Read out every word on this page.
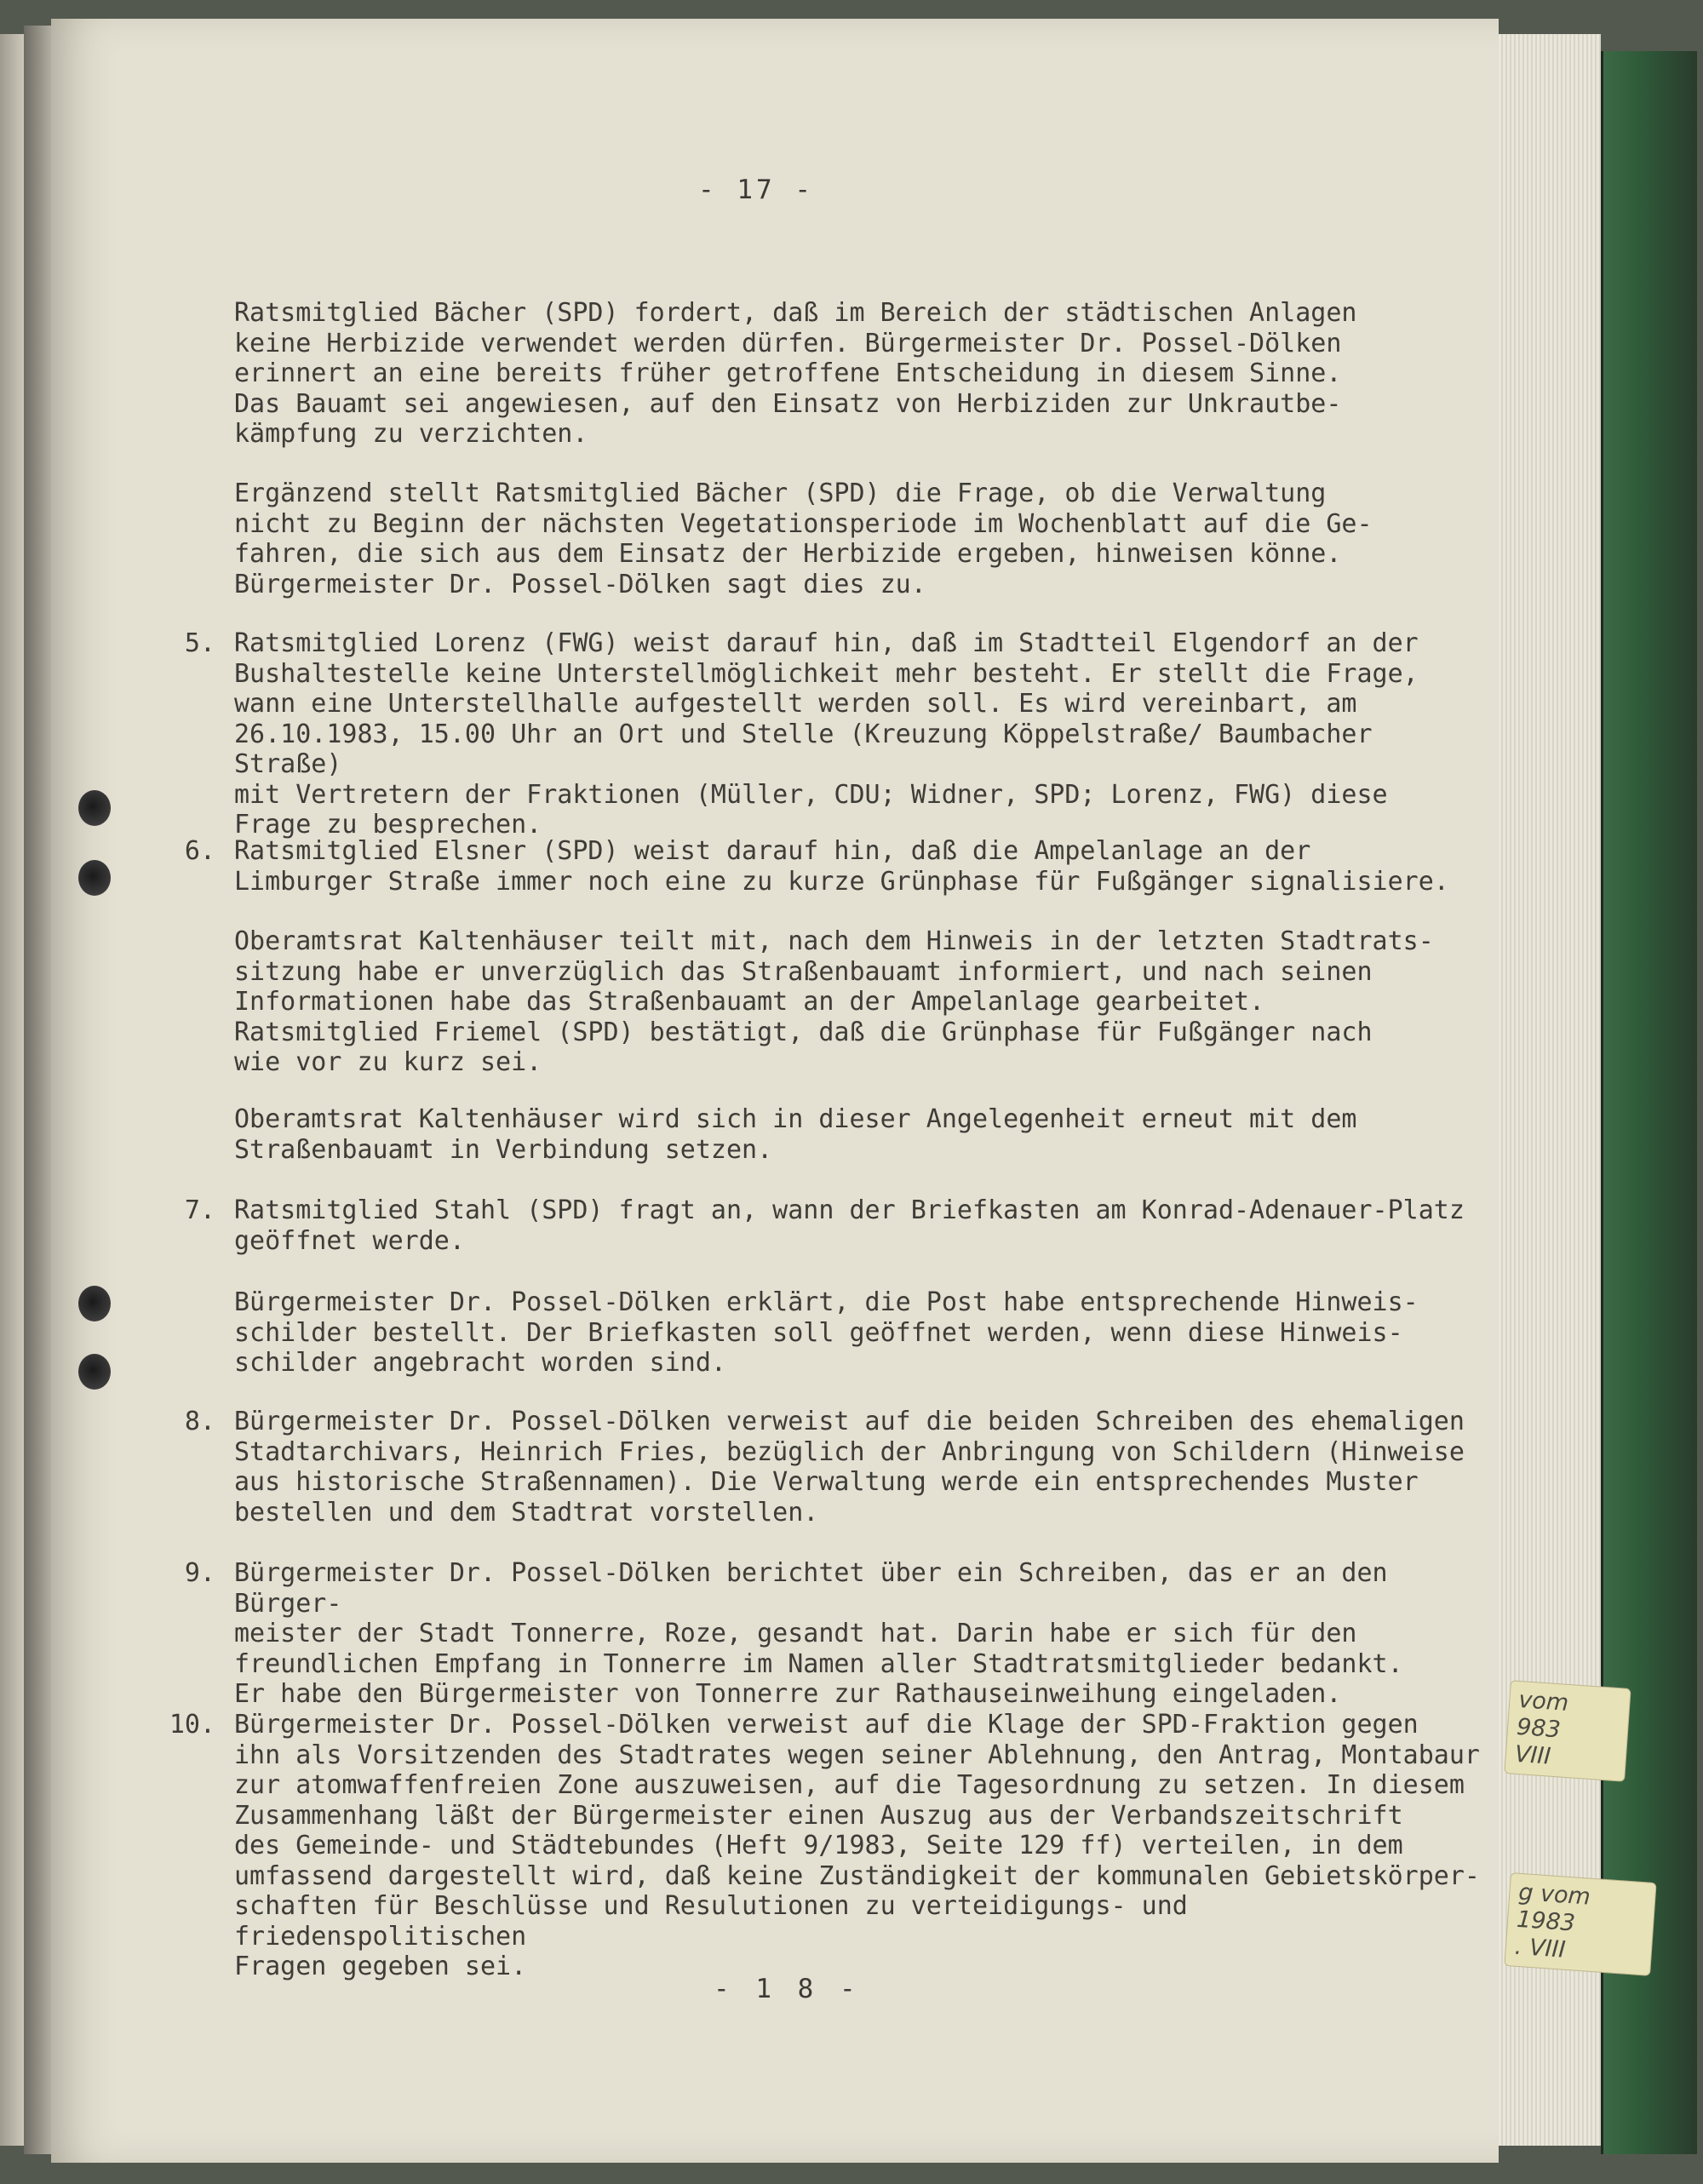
vom
983
VIII
g vom
1983
. VIII
- 17 -

Ratsmitglied Bächer (SPD) fordert, daß im Bereich der städtischen Anlagen
keine Herbizide verwendet werden dürfen. Bürgermeister Dr. Possel-Dölken
erinnert an eine bereits früher getroffene Entscheidung in diesem Sinne.
Das Bauamt sei angewiesen, auf den Einsatz von Herbiziden zur Unkrautbe-
kämpfung zu verzichten.

Ergänzend stellt Ratsmitglied Bächer (SPD) die Frage, ob die Verwaltung
nicht zu Beginn der nächsten Vegetationsperiode im Wochenblatt auf die Ge-
fahren, die sich aus dem Einsatz der Herbizide ergeben, hinweisen könne.
Bürgermeister Dr. Possel-Dölken sagt dies zu.

5. Ratsmitglied Lorenz (FWG) weist darauf hin, daß im Stadtteil Elgendorf an der
Bushaltestelle keine Unterstellmöglichkeit mehr besteht. Er stellt die Frage,
wann eine Unterstellhalle aufgestellt werden soll. Es wird vereinbart, am
26.10.1983, 15.00 Uhr an Ort und Stelle (Kreuzung Köppelstraße/ Baumbacher Straße)
mit Vertretern der Fraktionen (Müller, CDU; Widner, SPD; Lorenz, FWG) diese
Frage zu besprechen.

6. Ratsmitglied Elsner (SPD) weist darauf hin, daß die Ampelanlage an der
Limburger Straße immer noch eine zu kurze Grünphase für Fußgänger signalisiere.

Oberamtsrat Kaltenhäuser teilt mit, nach dem Hinweis in der letzten Stadtrats-
sitzung habe er unverzüglich das Straßenbauamt informiert, und nach seinen
Informationen habe das Straßenbauamt an der Ampelanlage gearbeitet.
Ratsmitglied Friemel (SPD) bestätigt, daß die Grünphase für Fußgänger nach
wie vor zu kurz sei.

Oberamtsrat Kaltenhäuser wird sich in dieser Angelegenheit erneut mit dem
Straßenbauamt in Verbindung setzen.

7. Ratsmitglied Stahl (SPD) fragt an, wann der Briefkasten am Konrad-Adenauer-Platz
geöffnet werde.

Bürgermeister Dr. Possel-Dölken erklärt, die Post habe entsprechende Hinweis-
schilder bestellt. Der Briefkasten soll geöffnet werden, wenn diese Hinweis-
schilder angebracht worden sind.

8. Bürgermeister Dr. Possel-Dölken verweist auf die beiden Schreiben des ehemaligen
Stadtarchivars, Heinrich Fries, bezüglich der Anbringung von Schildern (Hinweise
aus historische Straßennamen). Die Verwaltung werde ein entsprechendes Muster
bestellen und dem Stadtrat vorstellen.

9. Bürgermeister Dr. Possel-Dölken berichtet über ein Schreiben, das er an den Bürger-
meister der Stadt Tonnerre, Roze, gesandt hat. Darin habe er sich für den
freundlichen Empfang in Tonnerre im Namen aller Stadtratsmitglieder bedankt.
Er habe den Bürgermeister von Tonnerre zur Rathauseinweihung eingeladen.

10. Bürgermeister Dr. Possel-Dölken verweist auf die Klage der SPD-Fraktion gegen
ihn als Vorsitzenden des Stadtrates wegen seiner Ablehnung, den Antrag, Montabaur
zur atomwaffenfreien Zone auszuweisen, auf die Tagesordnung zu setzen. In diesem
Zusammenhang läßt der Bürgermeister einen Auszug aus der Verbandszeitschrift
des Gemeinde- und Städtebundes (Heft 9/1983, Seite 129 ff) verteilen, in dem
umfassend dargestellt wird, daß keine Zuständigkeit der kommunalen Gebietskörper-
schaften für Beschlüsse und Resulutionen zu verteidigungs- und friedenspolitischen
Fragen gegeben sei.

- 1 8 -
